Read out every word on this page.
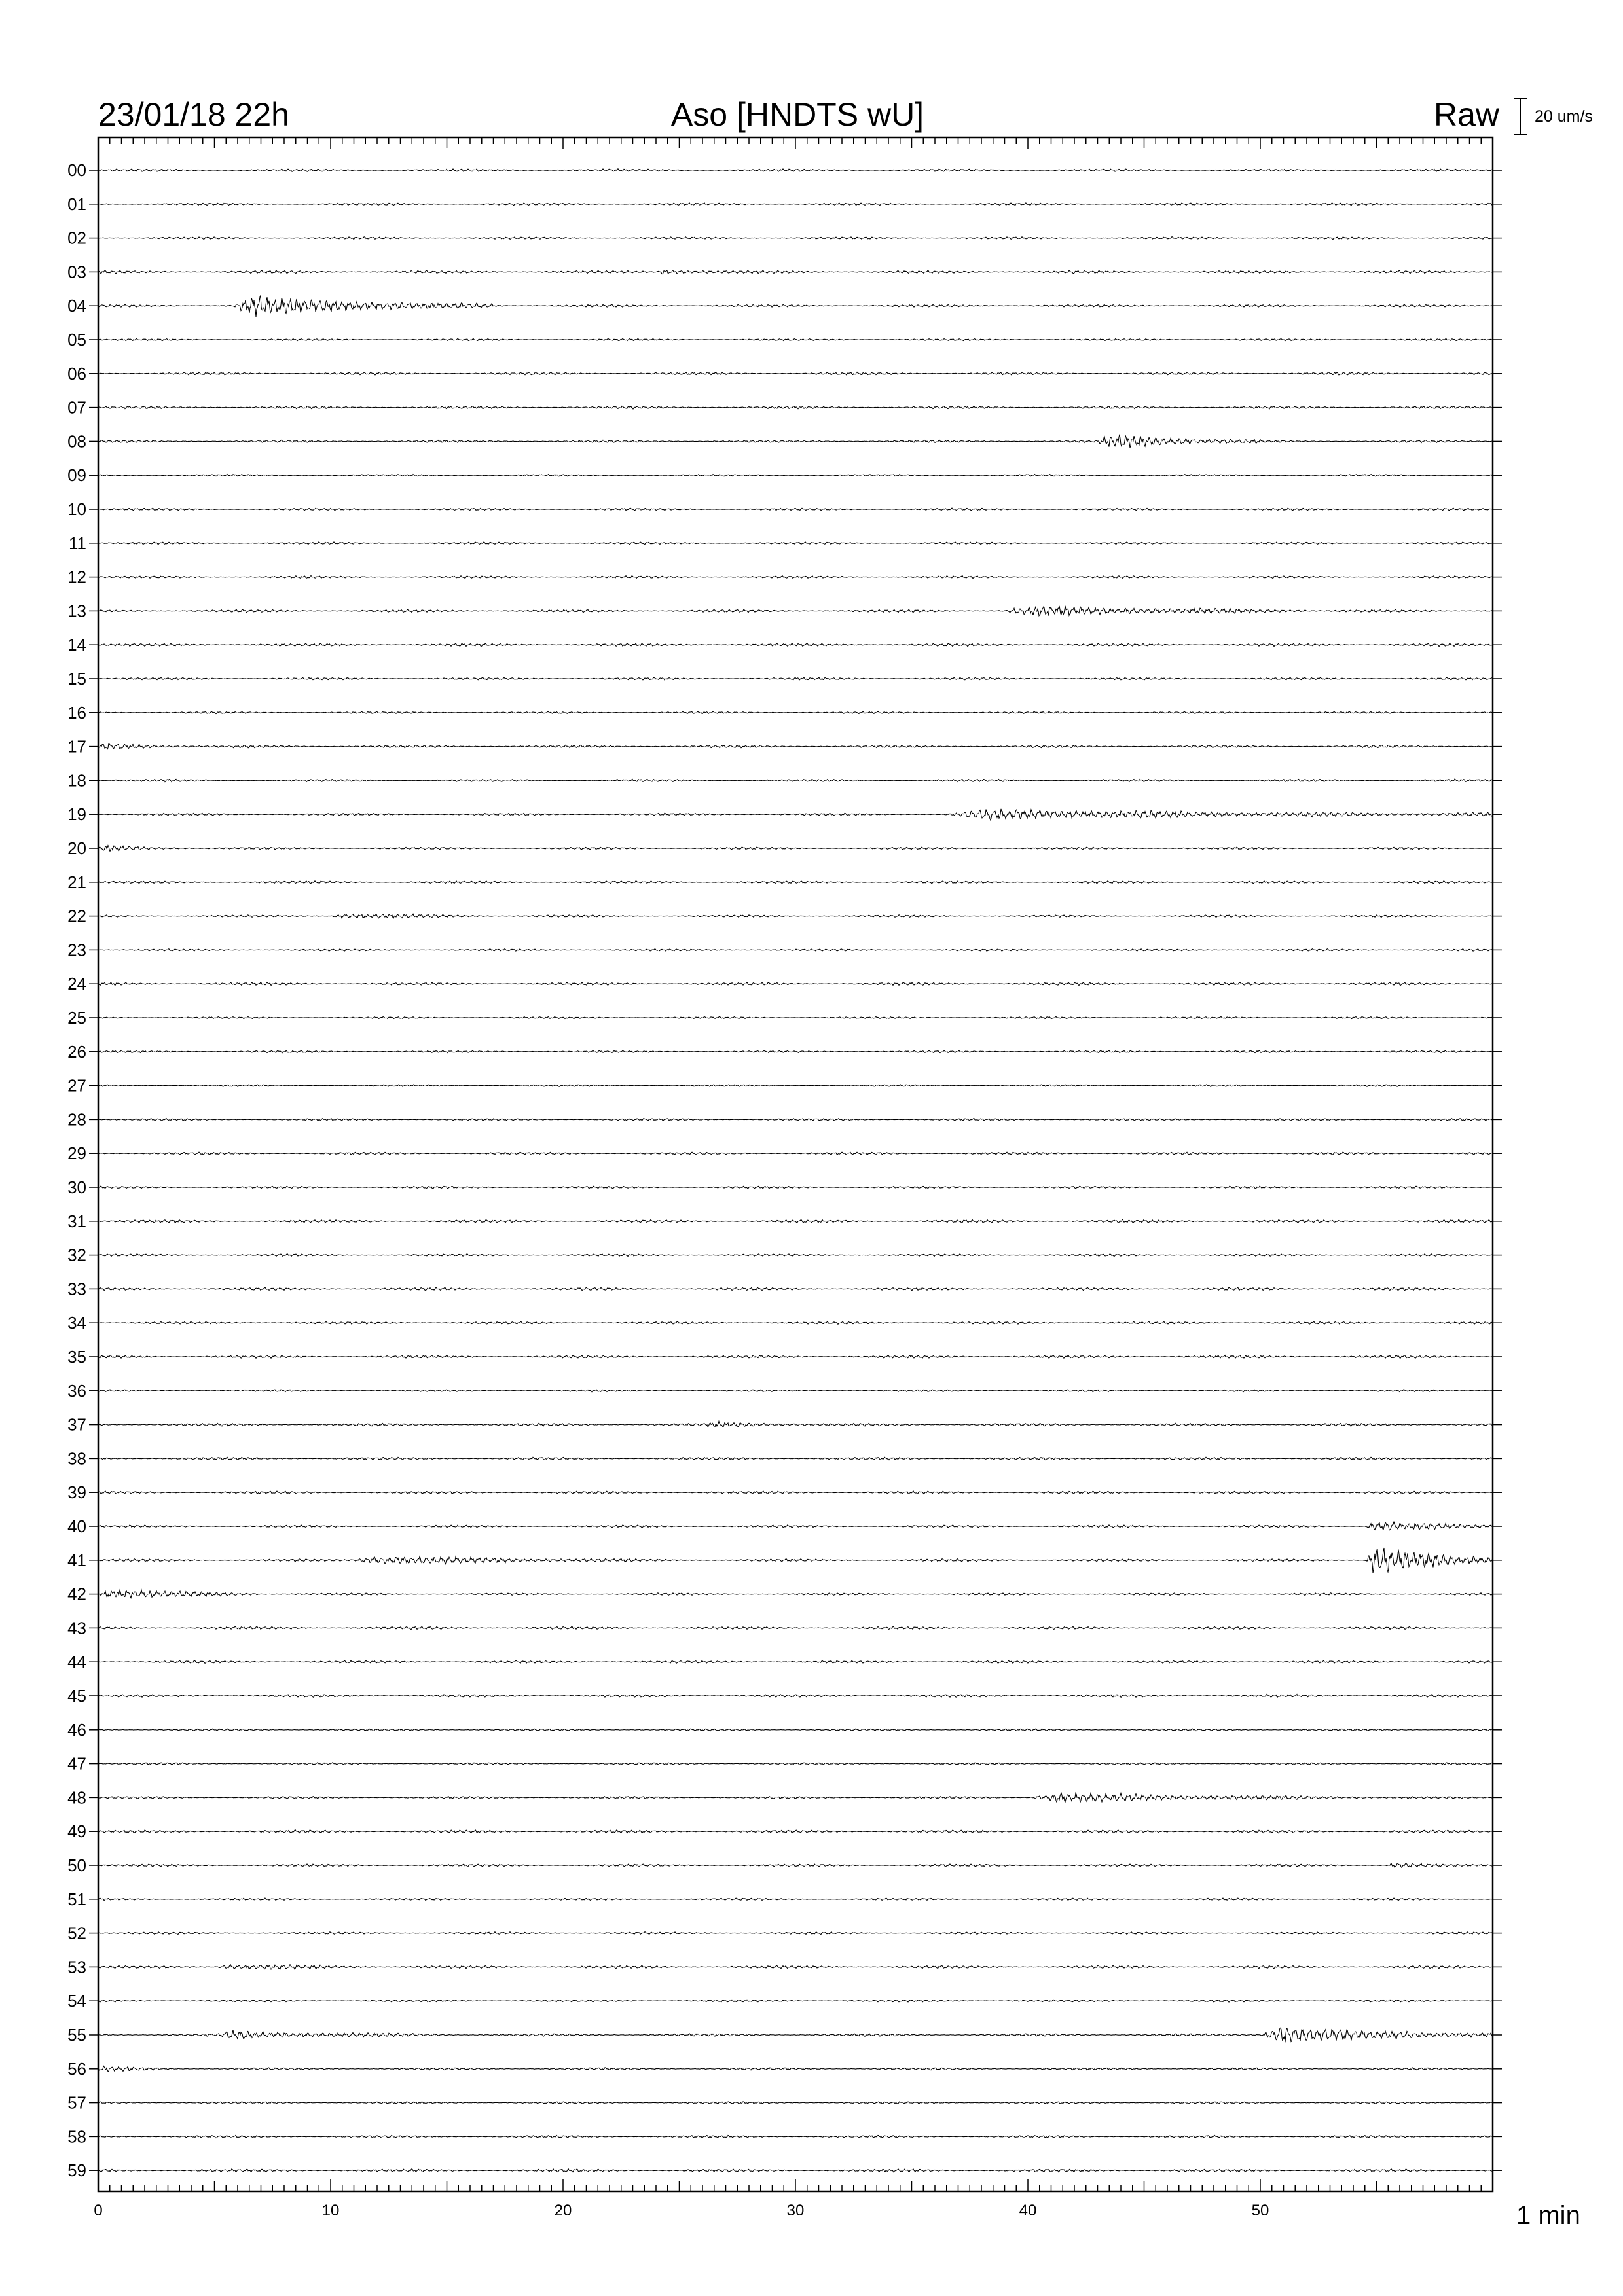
23/01/18 22h	Aso [HNDTS wU]	Raw 20 um/s
00
01
02
03
04
05
06
07
08
09
10
11
12
13
14
15
16
17
18
19
20
21
22
23
24
25
26
27
28
29
30
31
32
33
34
35
36
37
38
39
40
41
42
43
44
45
46
47
48
49
50
51
52
53
54
55
56
57
58
59
0	10	20	30	40	50	1 min
